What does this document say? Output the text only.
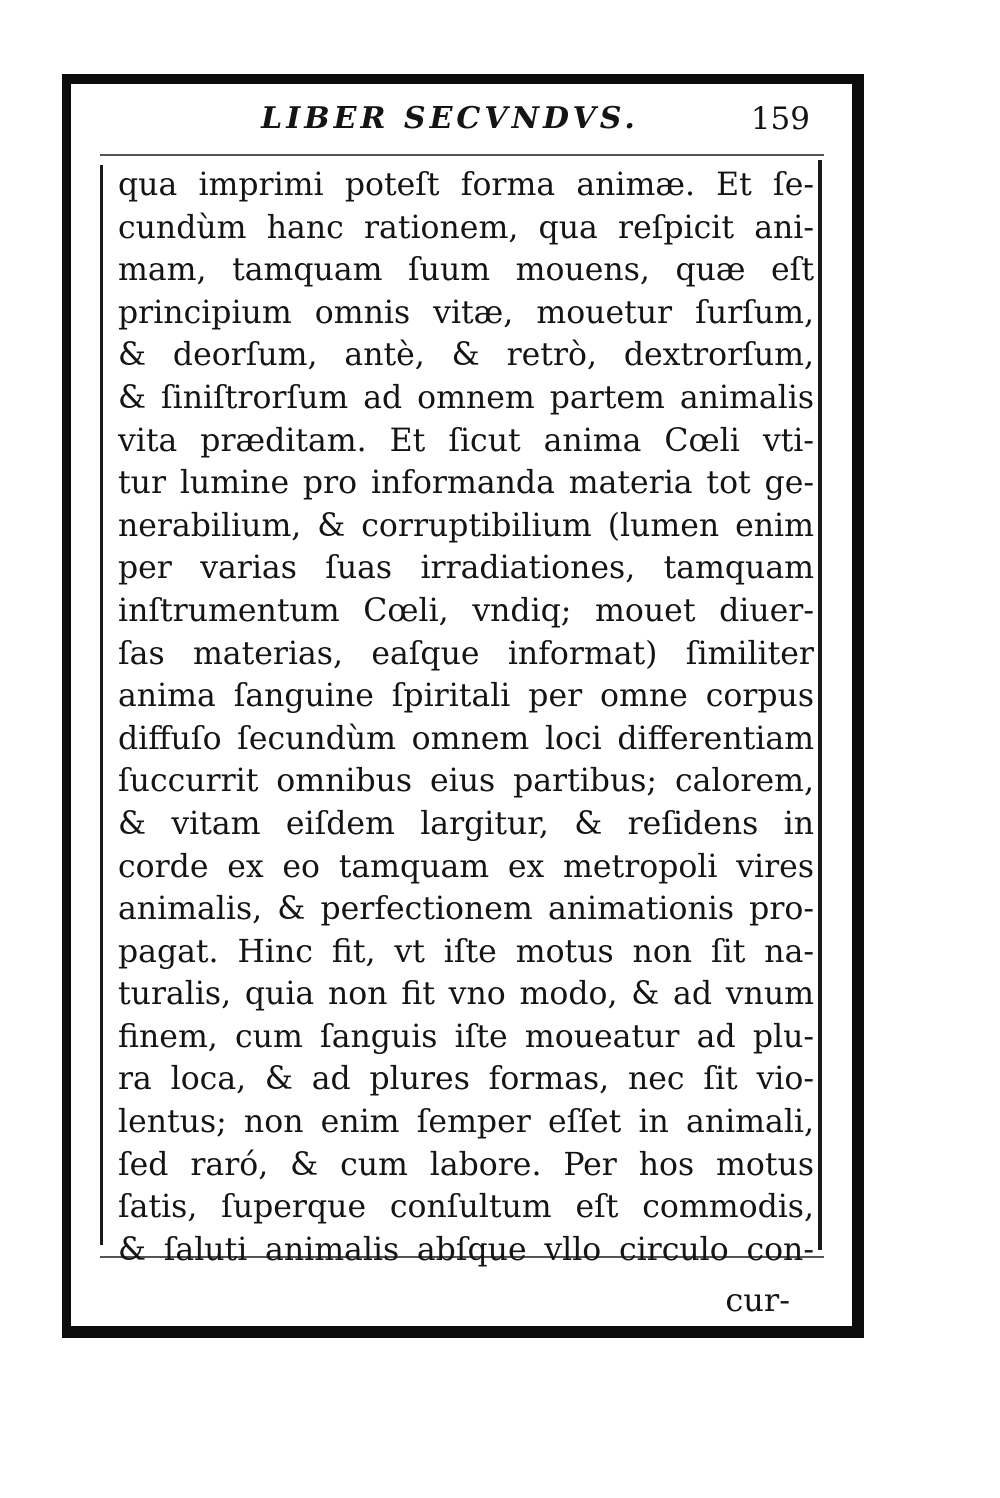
LIBER SECVNDVS.	159
qua imprimi poteſt forma animæ. Et ſe-
cundùm hanc rationem, qua reſpicit ani-
mam, tamquam ſuum mouens, quæ eſt
principium omnis vitæ, mouetur ſurſum,
& deorſum, antè, & retrò, dextrorſum,
& ſiniſtrorſum ad omnem partem animalis
vita præditam. Et ſicut anima Cœli vti-
tur lumine pro informanda materia tot ge-
nerabilium, & corruptibilium (lumen enim
per varias ſuas irradiationes, tamquam
inſtrumentum Cœli, vndiq; mouet diuer-
ſas materias, eaſque informat) ſimiliter
anima ſanguine ſpiritali per omne corpus
diffuſo ſecundùm omnem loci differentiam
ſuccurrit omnibus eius partibus; calorem,
& vitam eiſdem largitur, & reſidens in
corde ex eo tamquam ex metropoli vires
animalis, & perfectionem animationis pro-
pagat. Hinc fit, vt iſte motus non ſit na-
turalis, quia non fit vno modo, & ad vnum
finem, cum ſanguis iſte moueatur ad plu-
ra loca, & ad plures formas, nec ſit vio-
lentus; non enim ſemper eſſet in animali,
ſed raró, & cum labore. Per hos motus
ſatis, ſuperque conſultum eſt commodis,
& ſaluti animalis abſque vllo circulo con-
cur-
